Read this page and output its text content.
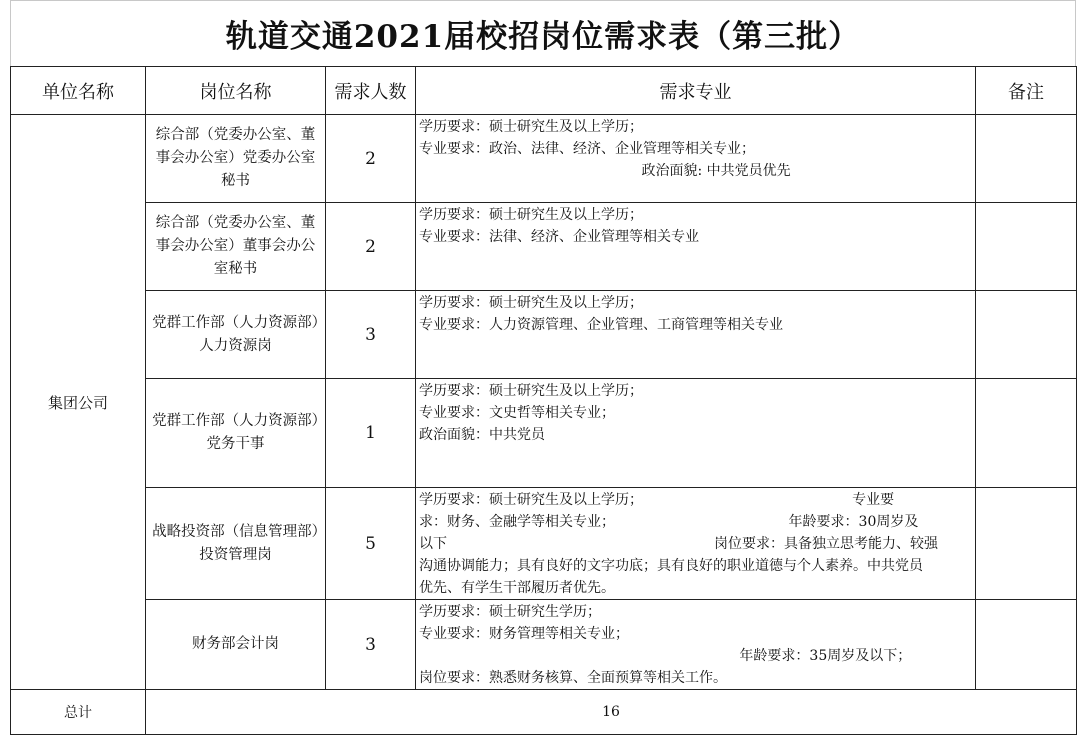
轨道交通2021届校招岗位需求表（第三批）
单位名称	岗位名称	需求人数	需求专业	备注
集团公司	综合部（党委办公室、董事会办公室）党委办公室秘书	2	学历要求：硕士研究生及以上学历；
专业要求：政治、法律、经济、企业管理等相关专业；
政治面貌: 中共党员优先	

	综合部（党委办公室、董事会办公室）董事会办公室秘书	2	学历要求：硕士研究生及以上学历；
专业要求：法律、经济、企业管理等相关专业	

	党群工作部（人力资源部）人力资源岗	3	学历要求：硕士研究生及以上学历；
专业要求：人力资源管理、企业管理、工商管理等相关专业	

	党群工作部（人力资源部）党务干事	1	学历要求：硕士研究生及以上学历；
专业要求：文史哲等相关专业；
政治面貌：中共党员	

	战略投资部（信息管理部）投资管理岗	5	学历要求：硕士研究生及以上学历；                                               专业要
求：财务、金融学等相关专业；                                       年龄要求：30周岁及
以下                                                            岗位要求：具备独立思考能力、较强
沟通协调能力；具有良好的文字功底；具有良好的职业道德与个人素养。中共党员
优先、有学生干部履历者优先。	

	财务部会计岗	3	学历要求：硕士研究生学历；
专业要求：财务管理等相关专业；
年龄要求：35周岁及以下；
岗位要求：熟悉财务核算、全面预算等相关工作。	

总计	16			
